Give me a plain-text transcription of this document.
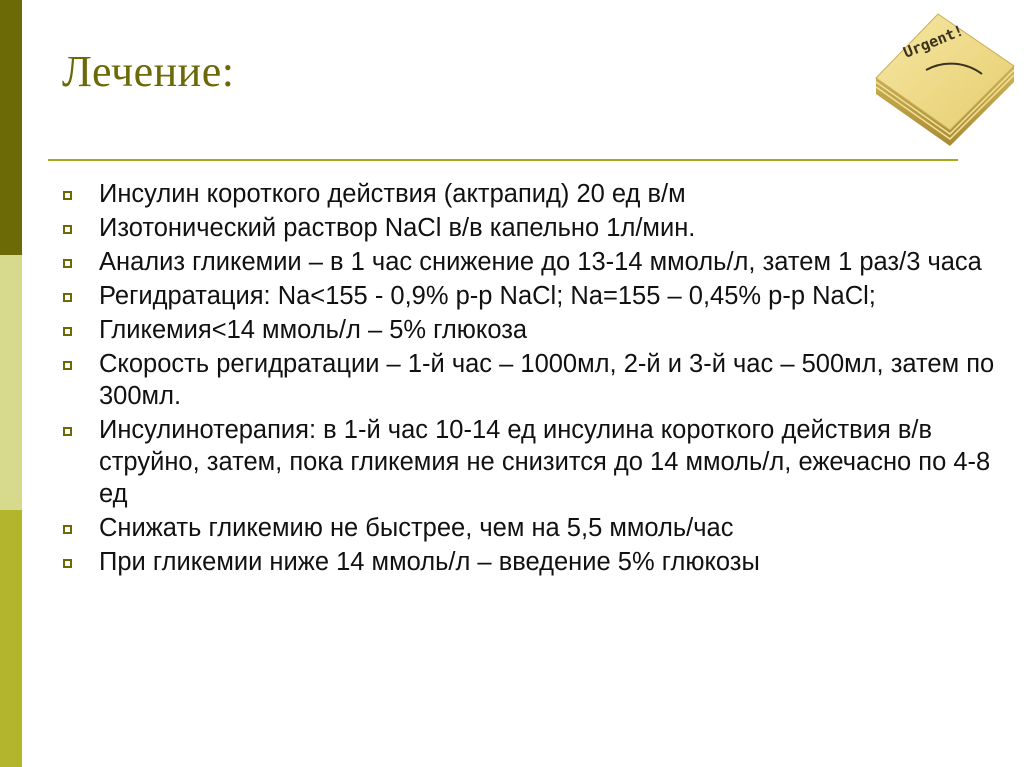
Лечение:
Urgent!
Инсулин короткого действия (актрапид) 20 ед в/м
Изотонический раствор NaCl в/в капельно 1л/мин.
Анализ гликемии – в 1 час снижение до 13-14 ммоль/л, затем 1 раз/3 часа
Регидратация: Na<155 - 0,9% р-р NaCl; Na=155 – 0,45% р-р NaCl;
Гликемия<14 ммоль/л – 5% глюкоза
Скорость регидратации – 1-й час – 1000мл, 2-й и 3-й час – 500мл, затем по 300мл.
Инсулинотерапия: в 1-й час 10-14 ед инсулина короткого действия в/в струйно, затем, пока гликемия не снизится до 14 ммоль/л, ежечасно по 4-8 ед
Снижать гликемию не быстрее, чем на 5,5 ммоль/час
При гликемии ниже 14 ммоль/л – введение 5% глюкозы
